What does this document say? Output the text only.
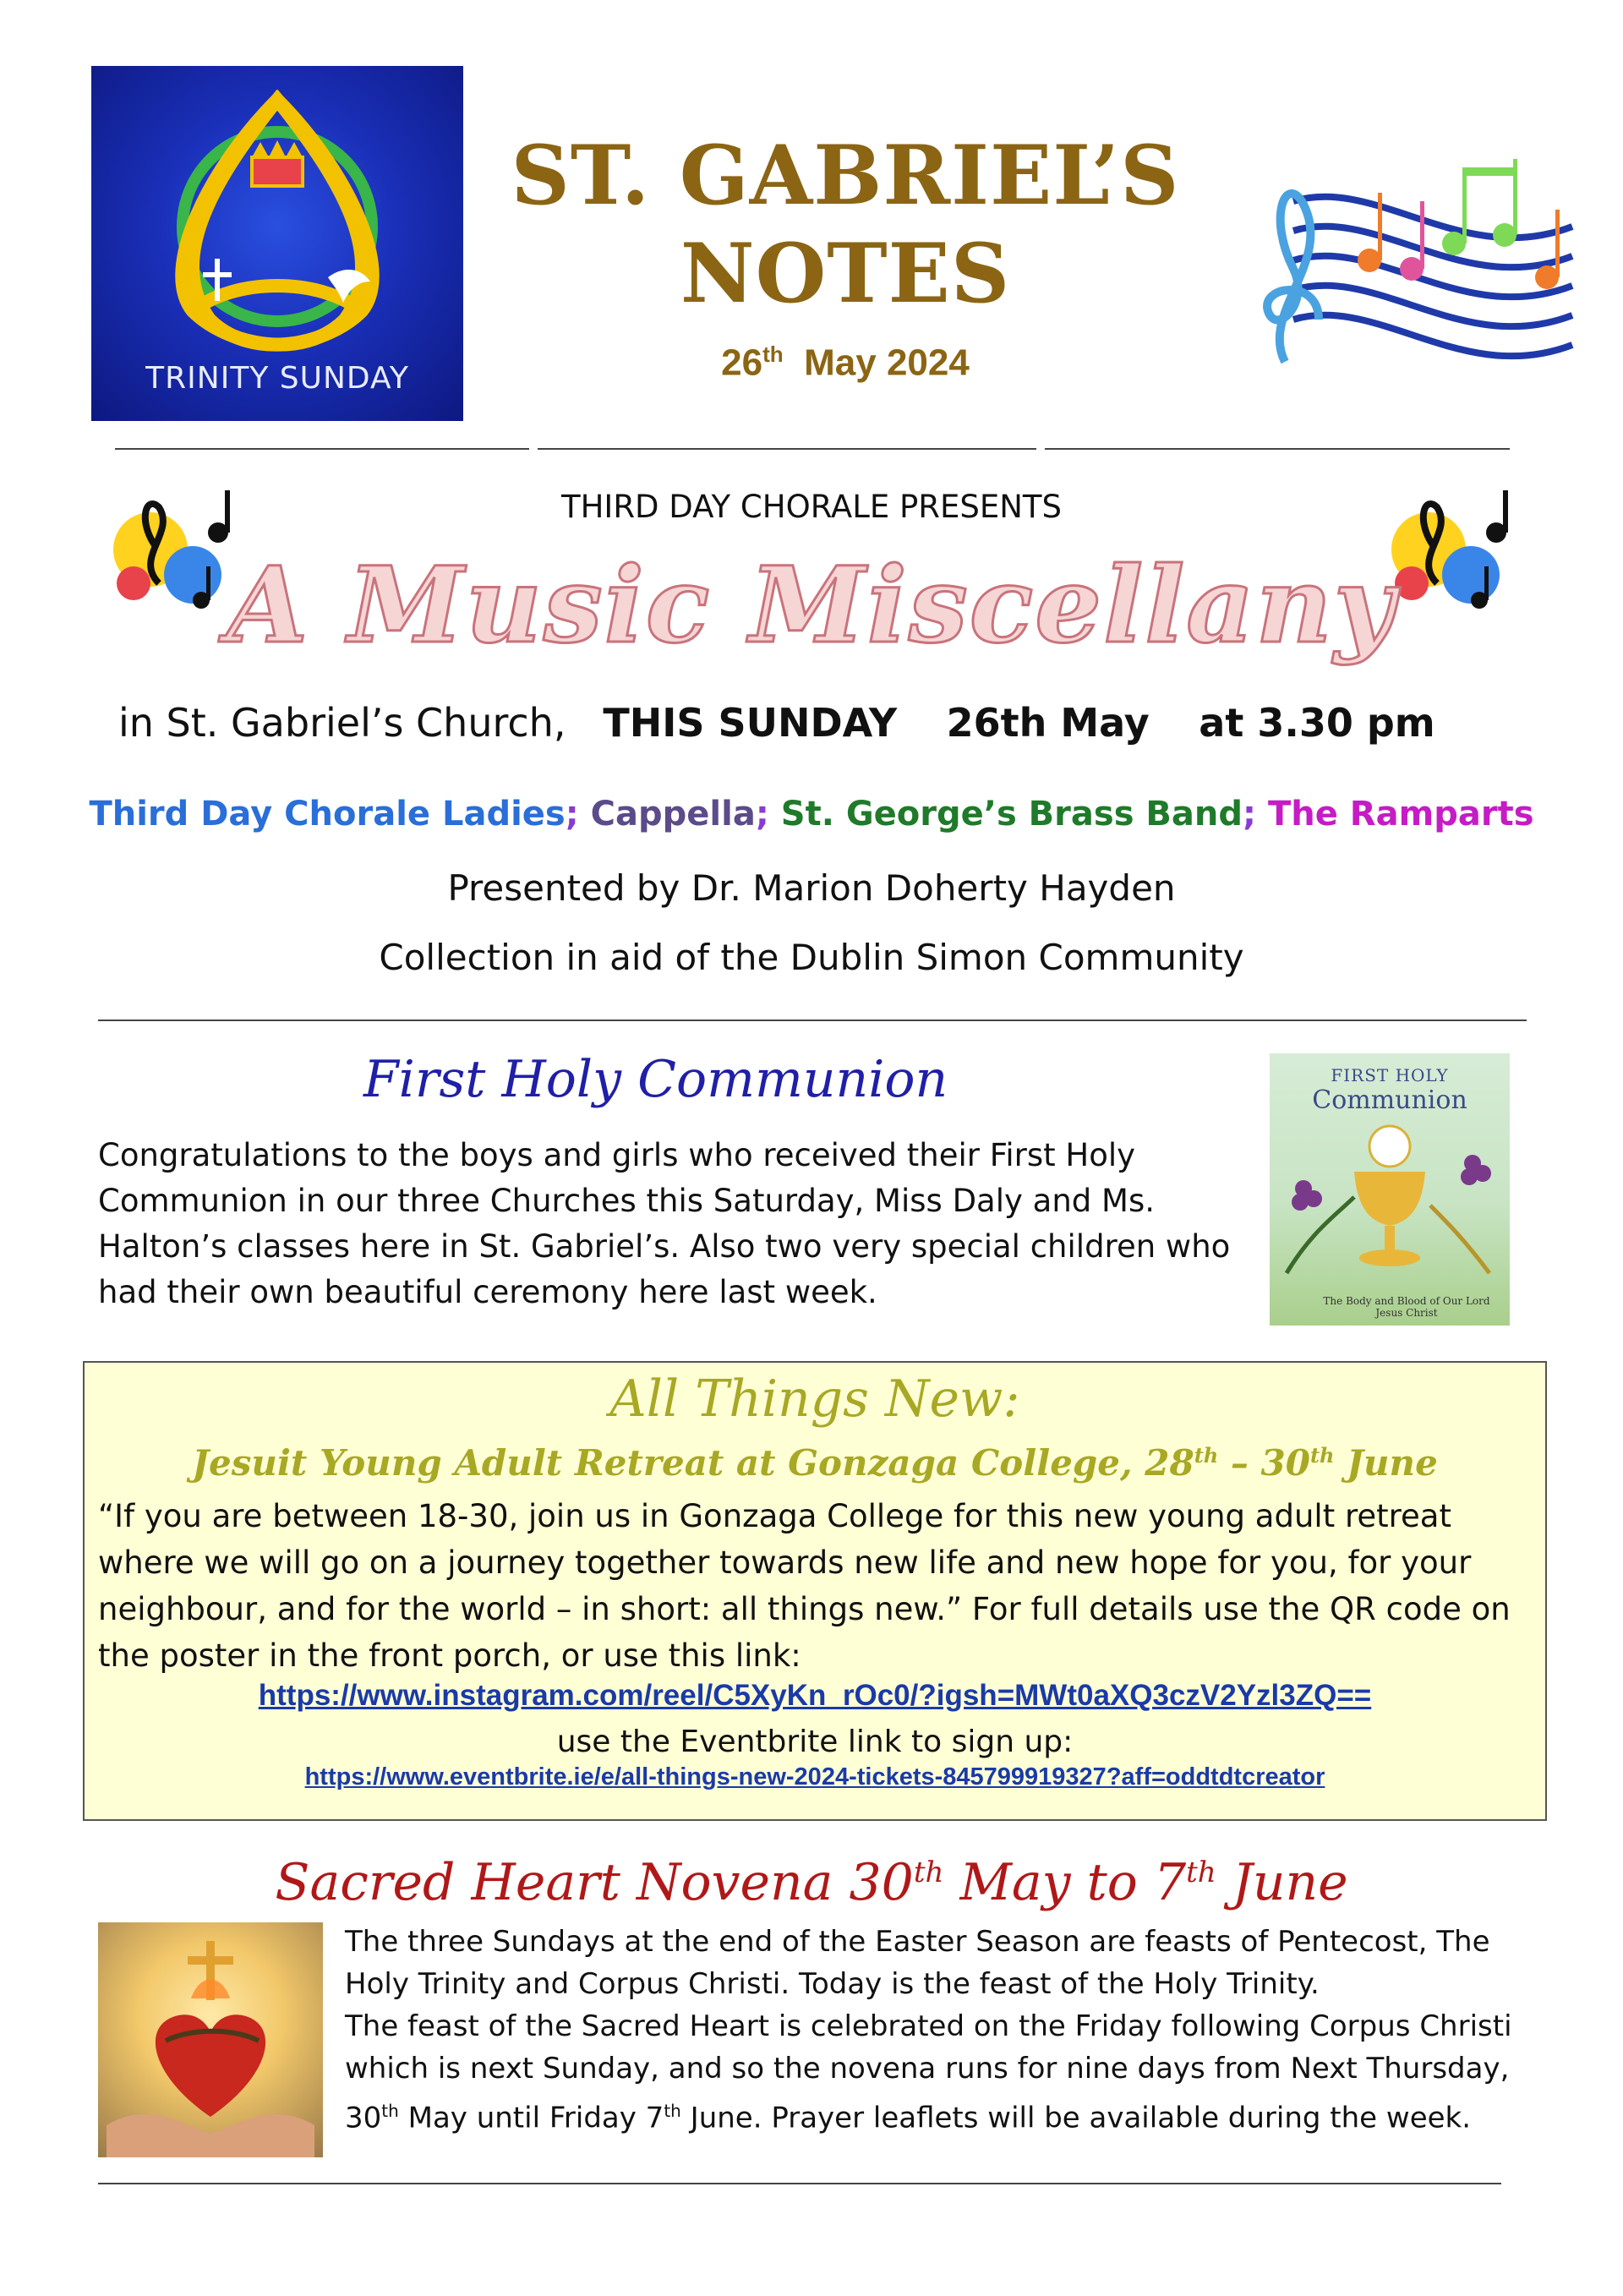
TRINITY SUNDAY
ST. GABRIEL’S
NOTES
26th May 2024
THIRD DAY CHORALE PRESENTS
A Music Miscellany
in St. Gabriel’s Church, THIS SUNDAY 26th May at 3.30 pm
Third Day Chorale Ladies; Cappella; St. George’s Brass Band; The Ramparts
Presented by Dr. Marion Doherty Hayden
Collection in aid of the Dublin Simon Community
First Holy Communion
Congratulations to the boys and girls who received their First Holy Communion in our three Churches this Saturday, Miss Daly and Ms. Halton’s classes here in St. Gabriel’s. Also two very special children who had their own beautiful ceremony here last week.
FIRST HOLY
Communion
The Body and Blood of Our Lord Jesus Christ
All Things New:
Jesuit Young Adult Retreat at Gonzaga College, 28th – 30th June
“If you are between 18-30, join us in Gonzaga College for this new young adult retreat where we will go on a journey together towards new life and new hope for you, for your neighbour, and for the world – in short: all things new.” For full details use the QR code on the poster in the front porch, or use this link:
https://www.instagram.com/reel/C5XyKn_rOc0/?igsh=MWt0aXQ3czV2Yzl3ZQ==
use the Eventbrite link to sign up:
https://www.eventbrite.ie/e/all-things-new-2024-tickets-845799919327?aff=oddtdtcreator
Sacred Heart Novena 30th May to 7th June
The three Sundays at the end of the Easter Season are feasts of Pentecost, The Holy Trinity and Corpus Christi. Today is the feast of the Holy Trinity.
The feast of the Sacred Heart is celebrated on the Friday following Corpus Christi which is next Sunday, and so the novena runs for nine days from Next Thursday, 30th May until Friday 7th June. Prayer leaflets will be available during the week.
